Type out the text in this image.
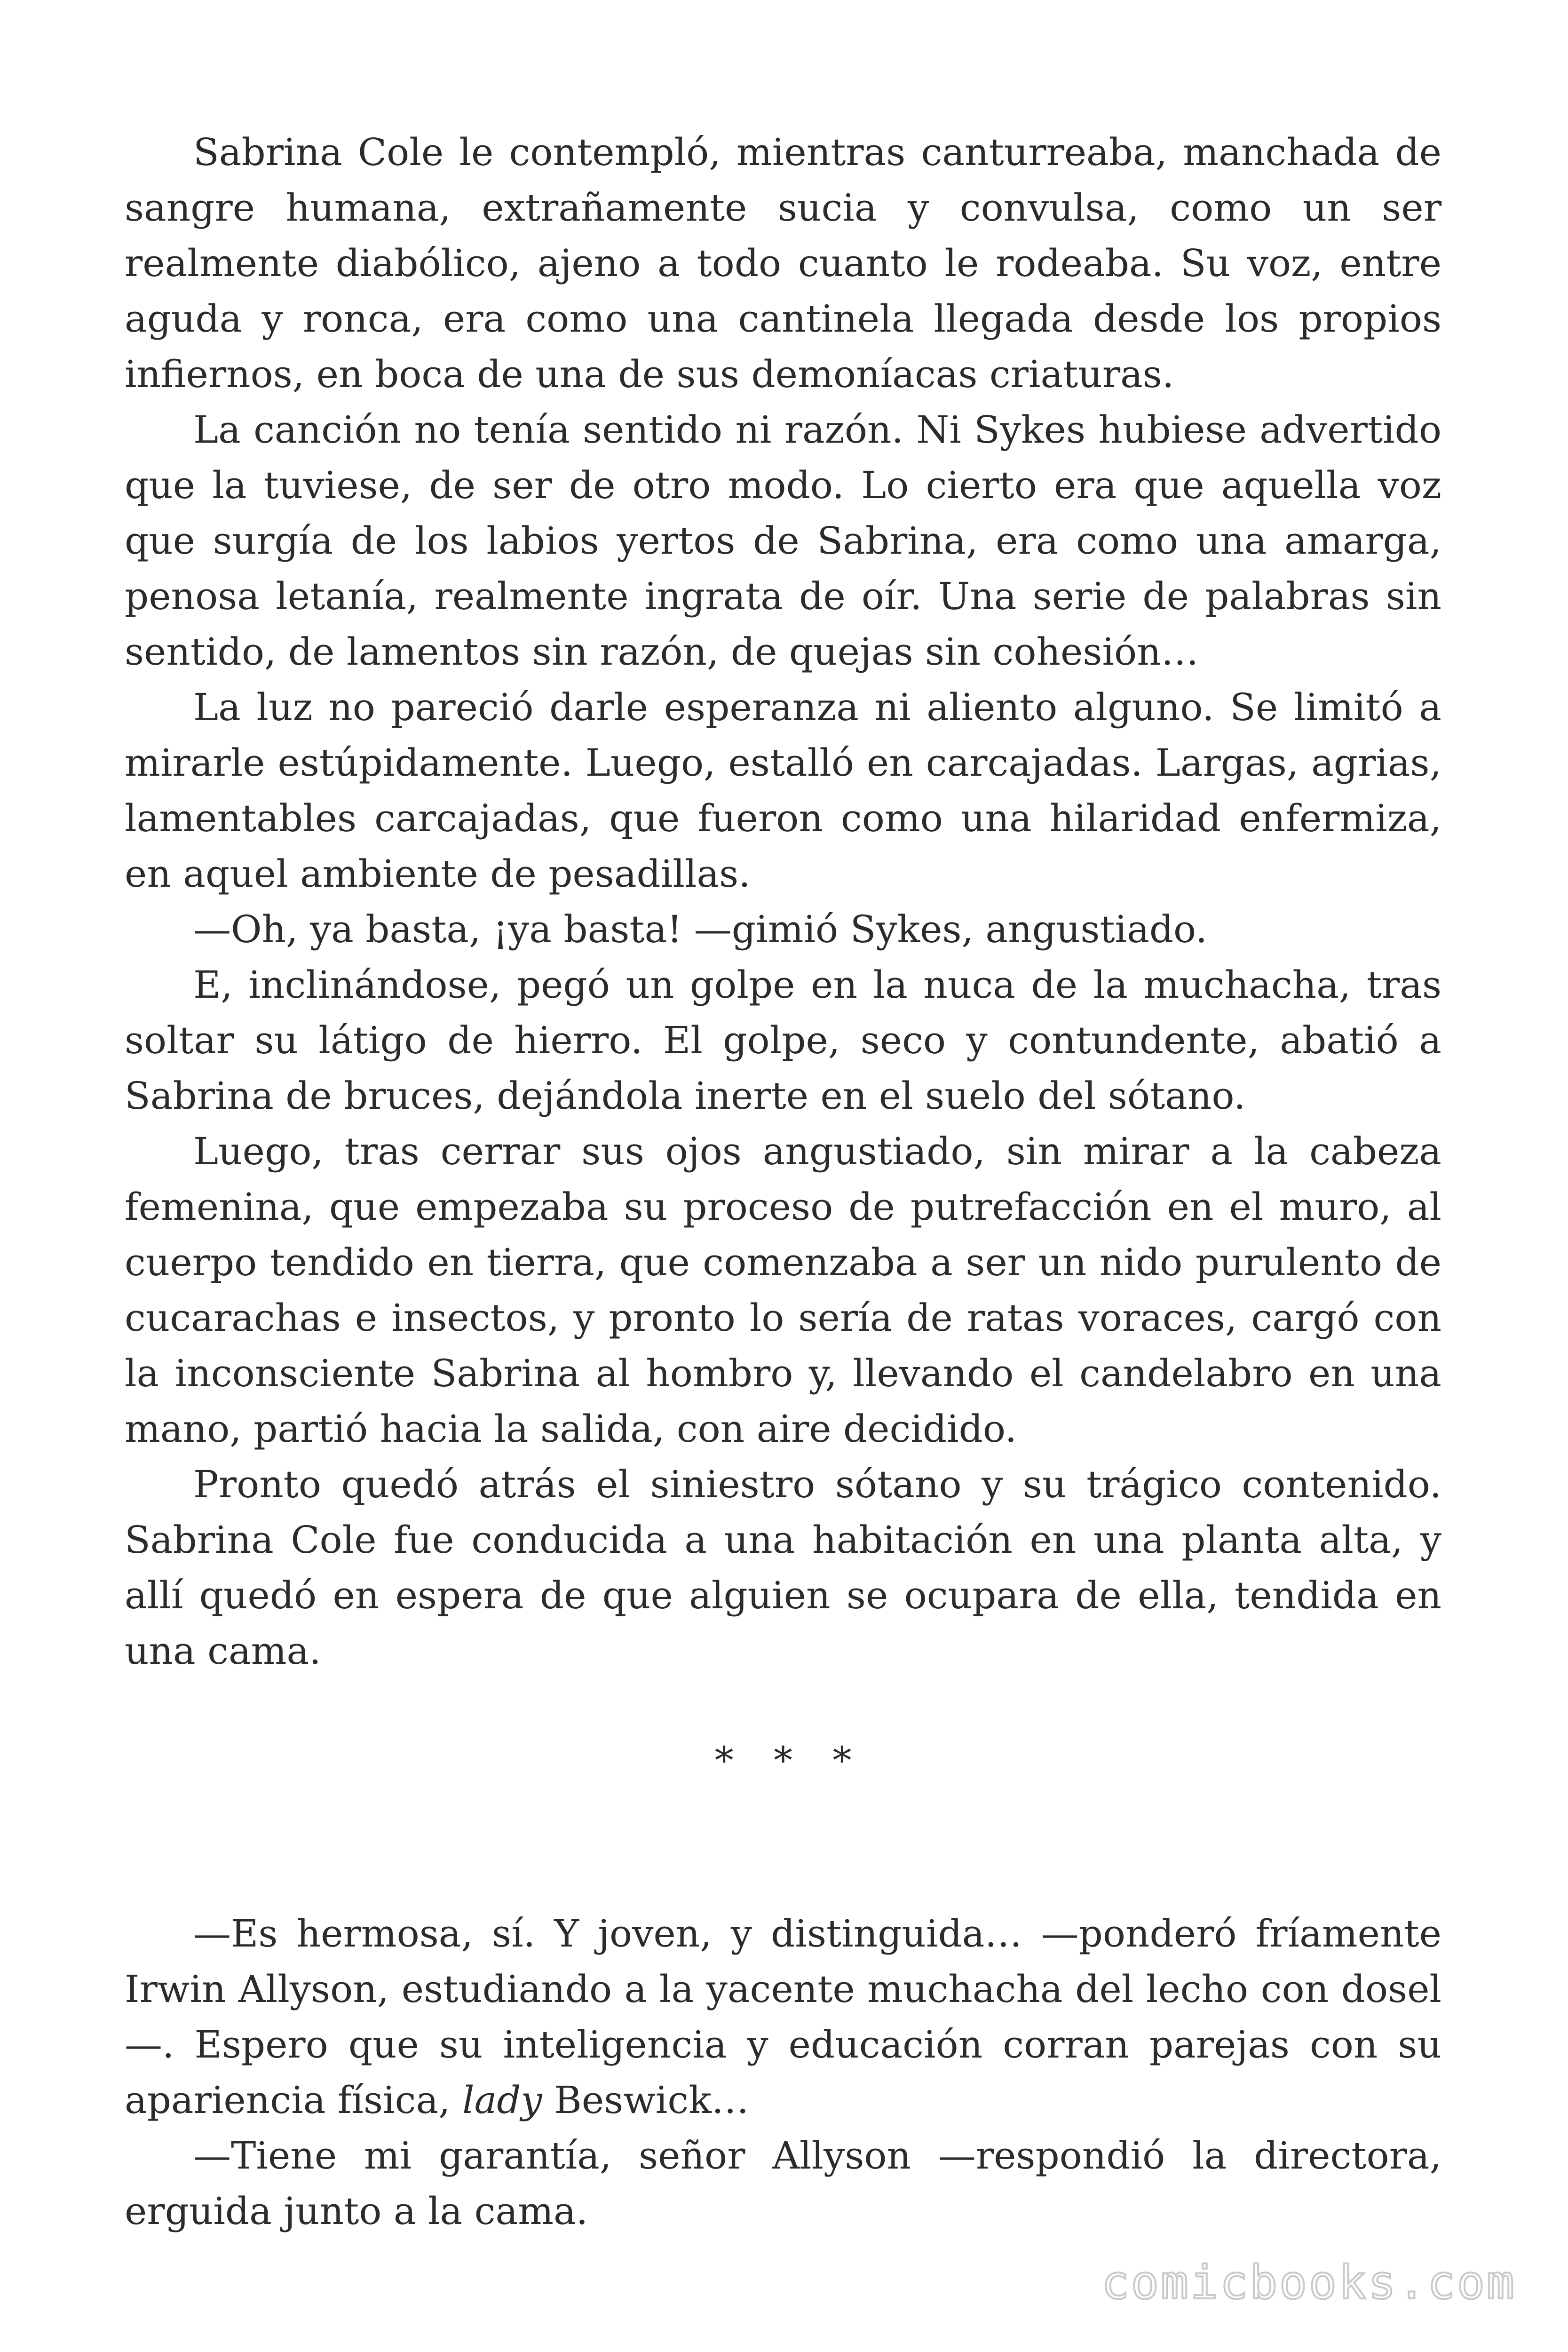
Sabrina Cole le contempló, mientras canturreaba, manchada de sangre humana, extrañamente sucia y convulsa, como un ser realmente diabólico, ajeno a todo cuanto le rodeaba. Su voz, entre aguda y ronca, era como una cantinela llegada desde los propios infiernos, en boca de una de sus demoníacas criaturas.

La canción no tenía sentido ni razón. Ni Sykes hubiese advertido que la tuviese, de ser de otro modo. Lo cierto era que aquella voz que surgía de los labios yertos de Sabrina, era como una amarga, penosa letanía, realmente ingrata de oír. Una serie de palabras sin sentido, de lamentos sin razón, de quejas sin cohesión…

La luz no pareció darle esperanza ni aliento alguno. Se limitó a mirarle estúpidamente. Luego, estalló en carcajadas. Largas, agrias, lamentables carcajadas, que fueron como una hilaridad enfermiza, en aquel ambiente de pesadillas.

—Oh, ya basta, ¡ya basta! —gimió Sykes, angustiado.

E, inclinándose, pegó un golpe en la nuca de la muchacha, tras soltar su látigo de hierro. El golpe, seco y contundente, abatió a Sabrina de bruces, dejándola inerte en el suelo del sótano.

Luego, tras cerrar sus ojos angustiado, sin mirar a la cabeza femenina, que empezaba su proceso de putrefacción en el muro, al cuerpo tendido en tierra, que comenzaba a ser un nido purulento de cucarachas e insectos, y pronto lo sería de ratas voraces, cargó con la inconsciente Sabrina al hombro y, llevando el candelabro en una mano, partió hacia la salida, con aire decidido.

Pronto quedó atrás el siniestro sótano y su trágico contenido. Sabrina Cole fue conducida a una habitación en una planta alta, y allí quedó en espera de que alguien se ocupara de ella, tendida en una cama.

* * *

—Es hermosa, sí. Y joven, y distinguida… —ponderó fríamente Irwin Allyson, estudiando a la yacente muchacha del lecho con dosel—. Espero que su inteligencia y educación corran parejas con su apariencia física, lady Beswick…

—Tiene mi garantía, señor Allyson —respondió la directora, erguida junto a la cama.

comicbooks.com
